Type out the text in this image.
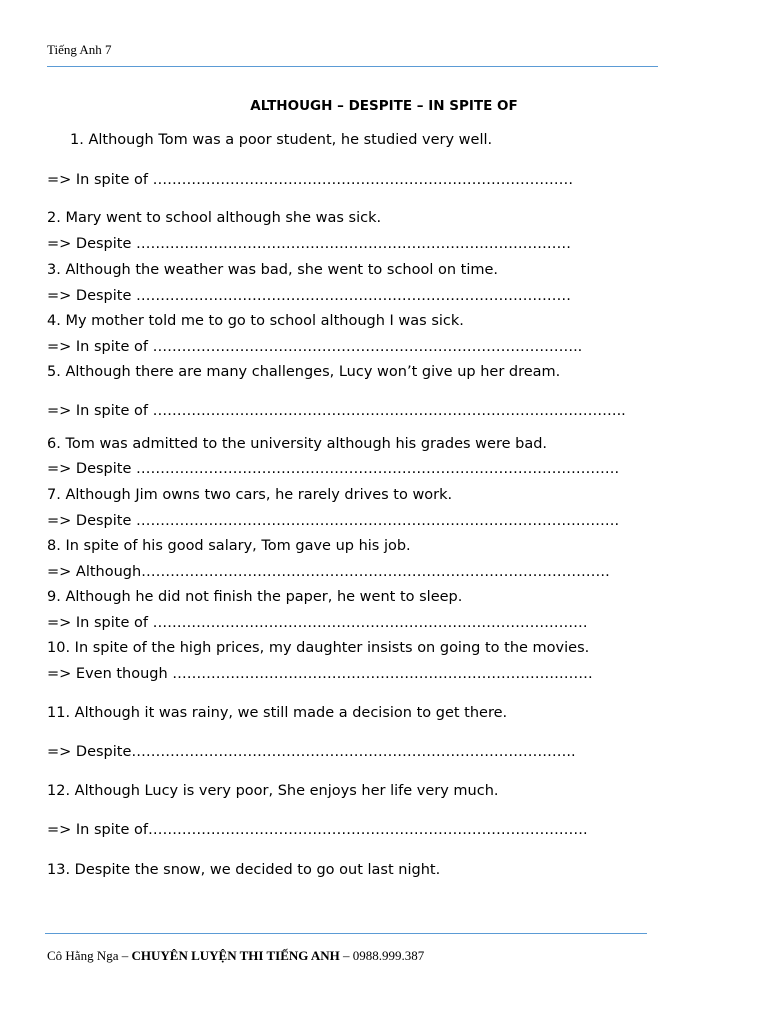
Tiếng Anh 7
ALTHOUGH – DESPITE – IN SPITE OF
1. Although Tom was a poor student, he studied very well.
=> In spite of ……………………………………………………………………………
2. Mary went to school although she was sick.
=> Despite ………………………………………………………………………………
3. Although the weather was bad, she went to school on time.
=> Despite ………………………………………………………………………………
4. My mother told me to go to school although I was sick.
=> In spite of ……………………………………………………………………………..
5. Although there are many challenges, Lucy won’t give up her dream.
=> In spite of ……………………………………………………………………………………..
6. Tom was admitted to the university although his grades were bad.
=> Despite ……………………………………………………………………………………….
7. Although Jim owns two cars, he rarely drives to work.
=> Despite ……………………………………………………………………………………….
8. In spite of his good salary, Tom gave up his job.
=> Although…………………………………………………………………………………….
9. Although he did not finish the paper, he went to sleep.
=> In spite of ………………………………………………………………………………
10. In spite of the high prices, my daughter insists on going to the movies.
=> Even though ……………………………………………………………………………
11. Although it was rainy, we still made a decision to get there.
=> Despite………………………………………………………………………………..
12. Although Lucy is very poor, She enjoys her life very much.
=> In spite of……………………………………………………………………………….
13. Despite the snow, we decided to go out last night.
Cô Hằng Nga – CHUYÊN LUYỆN THI TIẾNG ANH – 0988.999.387
